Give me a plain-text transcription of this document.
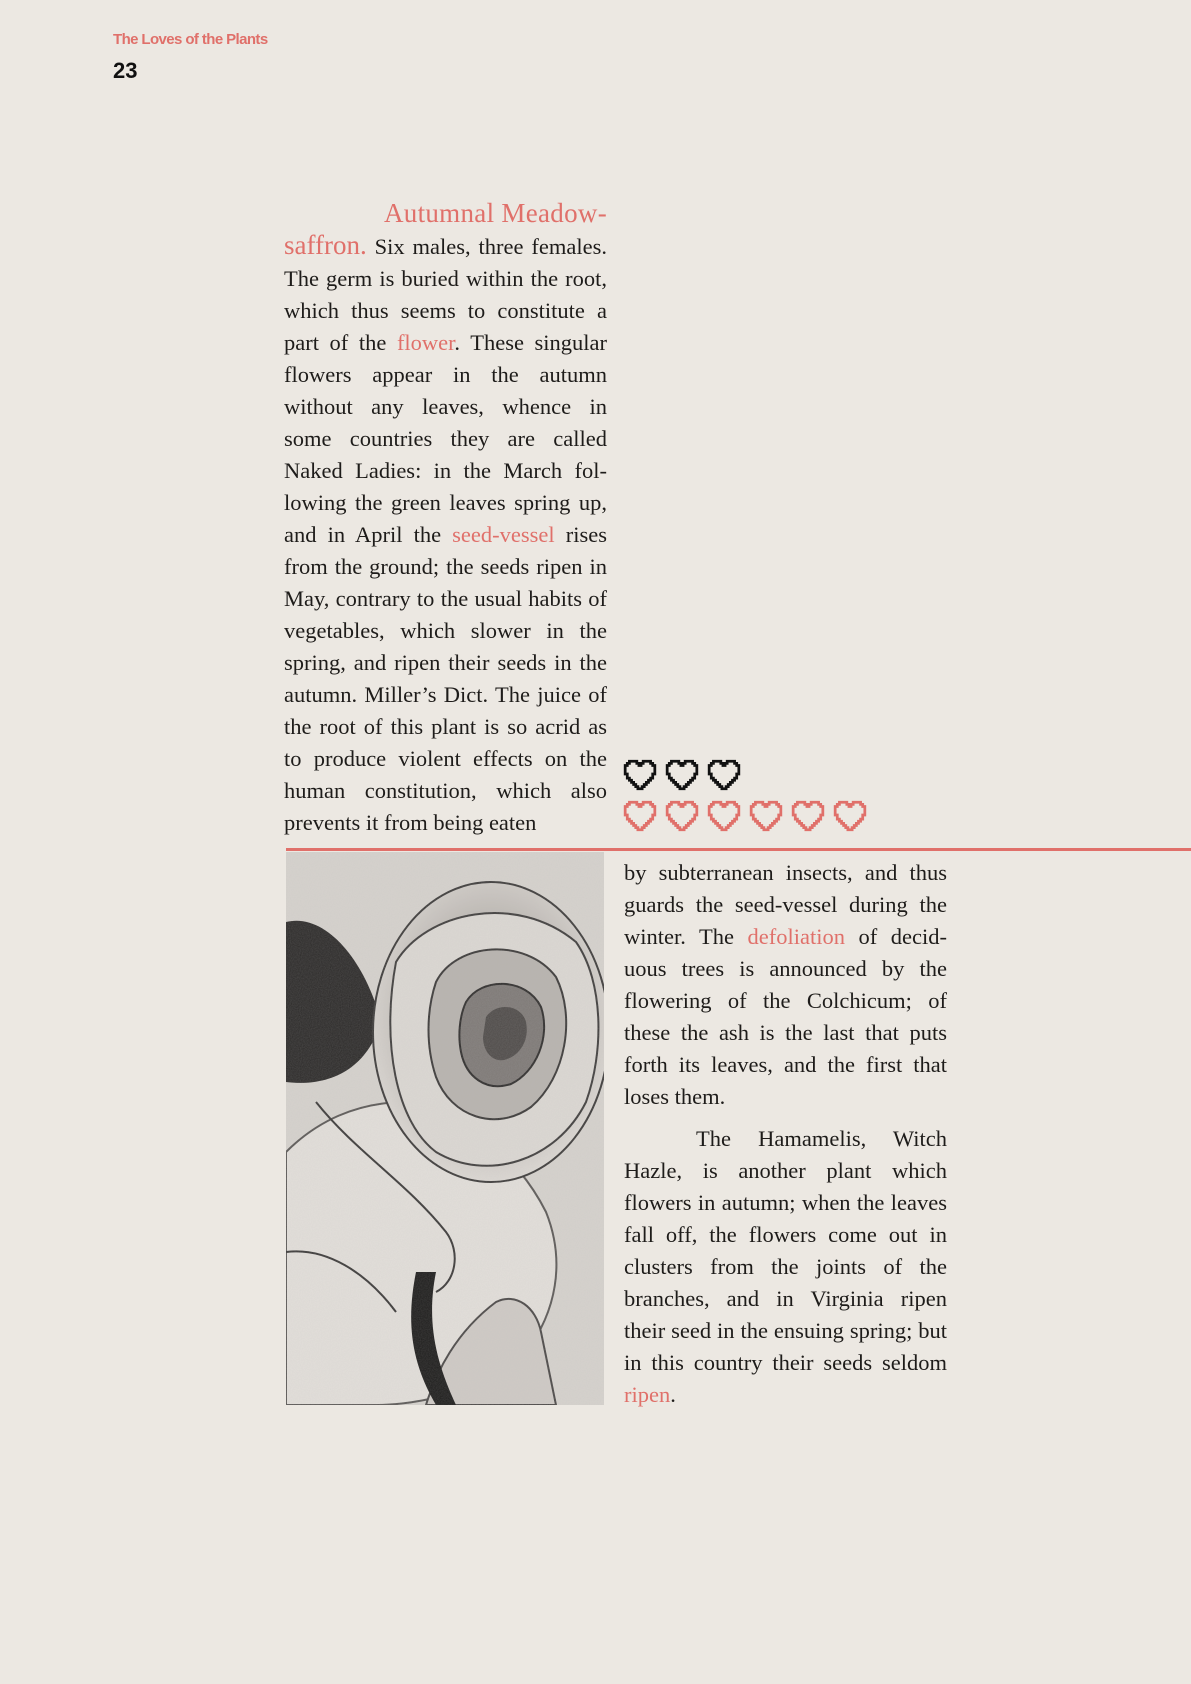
The Loves of the Plants
23
Autumnal Meadow-
saffron. Six males, three females. The germ is buried within the root, which thus seems to constitute a part of the flower. These singular flowers appear in the autumn without any leaves, whence in some countries they are called Naked Ladies: in the March following the green leaves spring up, and in April the seed-vessel rises from the ground; the seeds ripen in May, contrary to the usual habits of vegetables, which slower in the spring, and ripen their seeds in the autumn. Miller’s Dict. The juice of the root of this plant is so acrid as to produce violent effects on the human constitution, which also prevents it from being eaten
by subterranean insects, and thus guards the seed-vessel during the winter. The defoliation of deciduous trees is announced by the flowering of the Colchicum; of these the ash is the last that puts forth its leaves, and the first that loses them.
The Hamamelis, Witch Hazle, is another plant which flowers in autumn; when the leaves fall off, the flowers come out in clusters from the joints of the branches, and in Virginia ripen their seed in the ensuing spring; but in this country their seeds seldom ripen.
